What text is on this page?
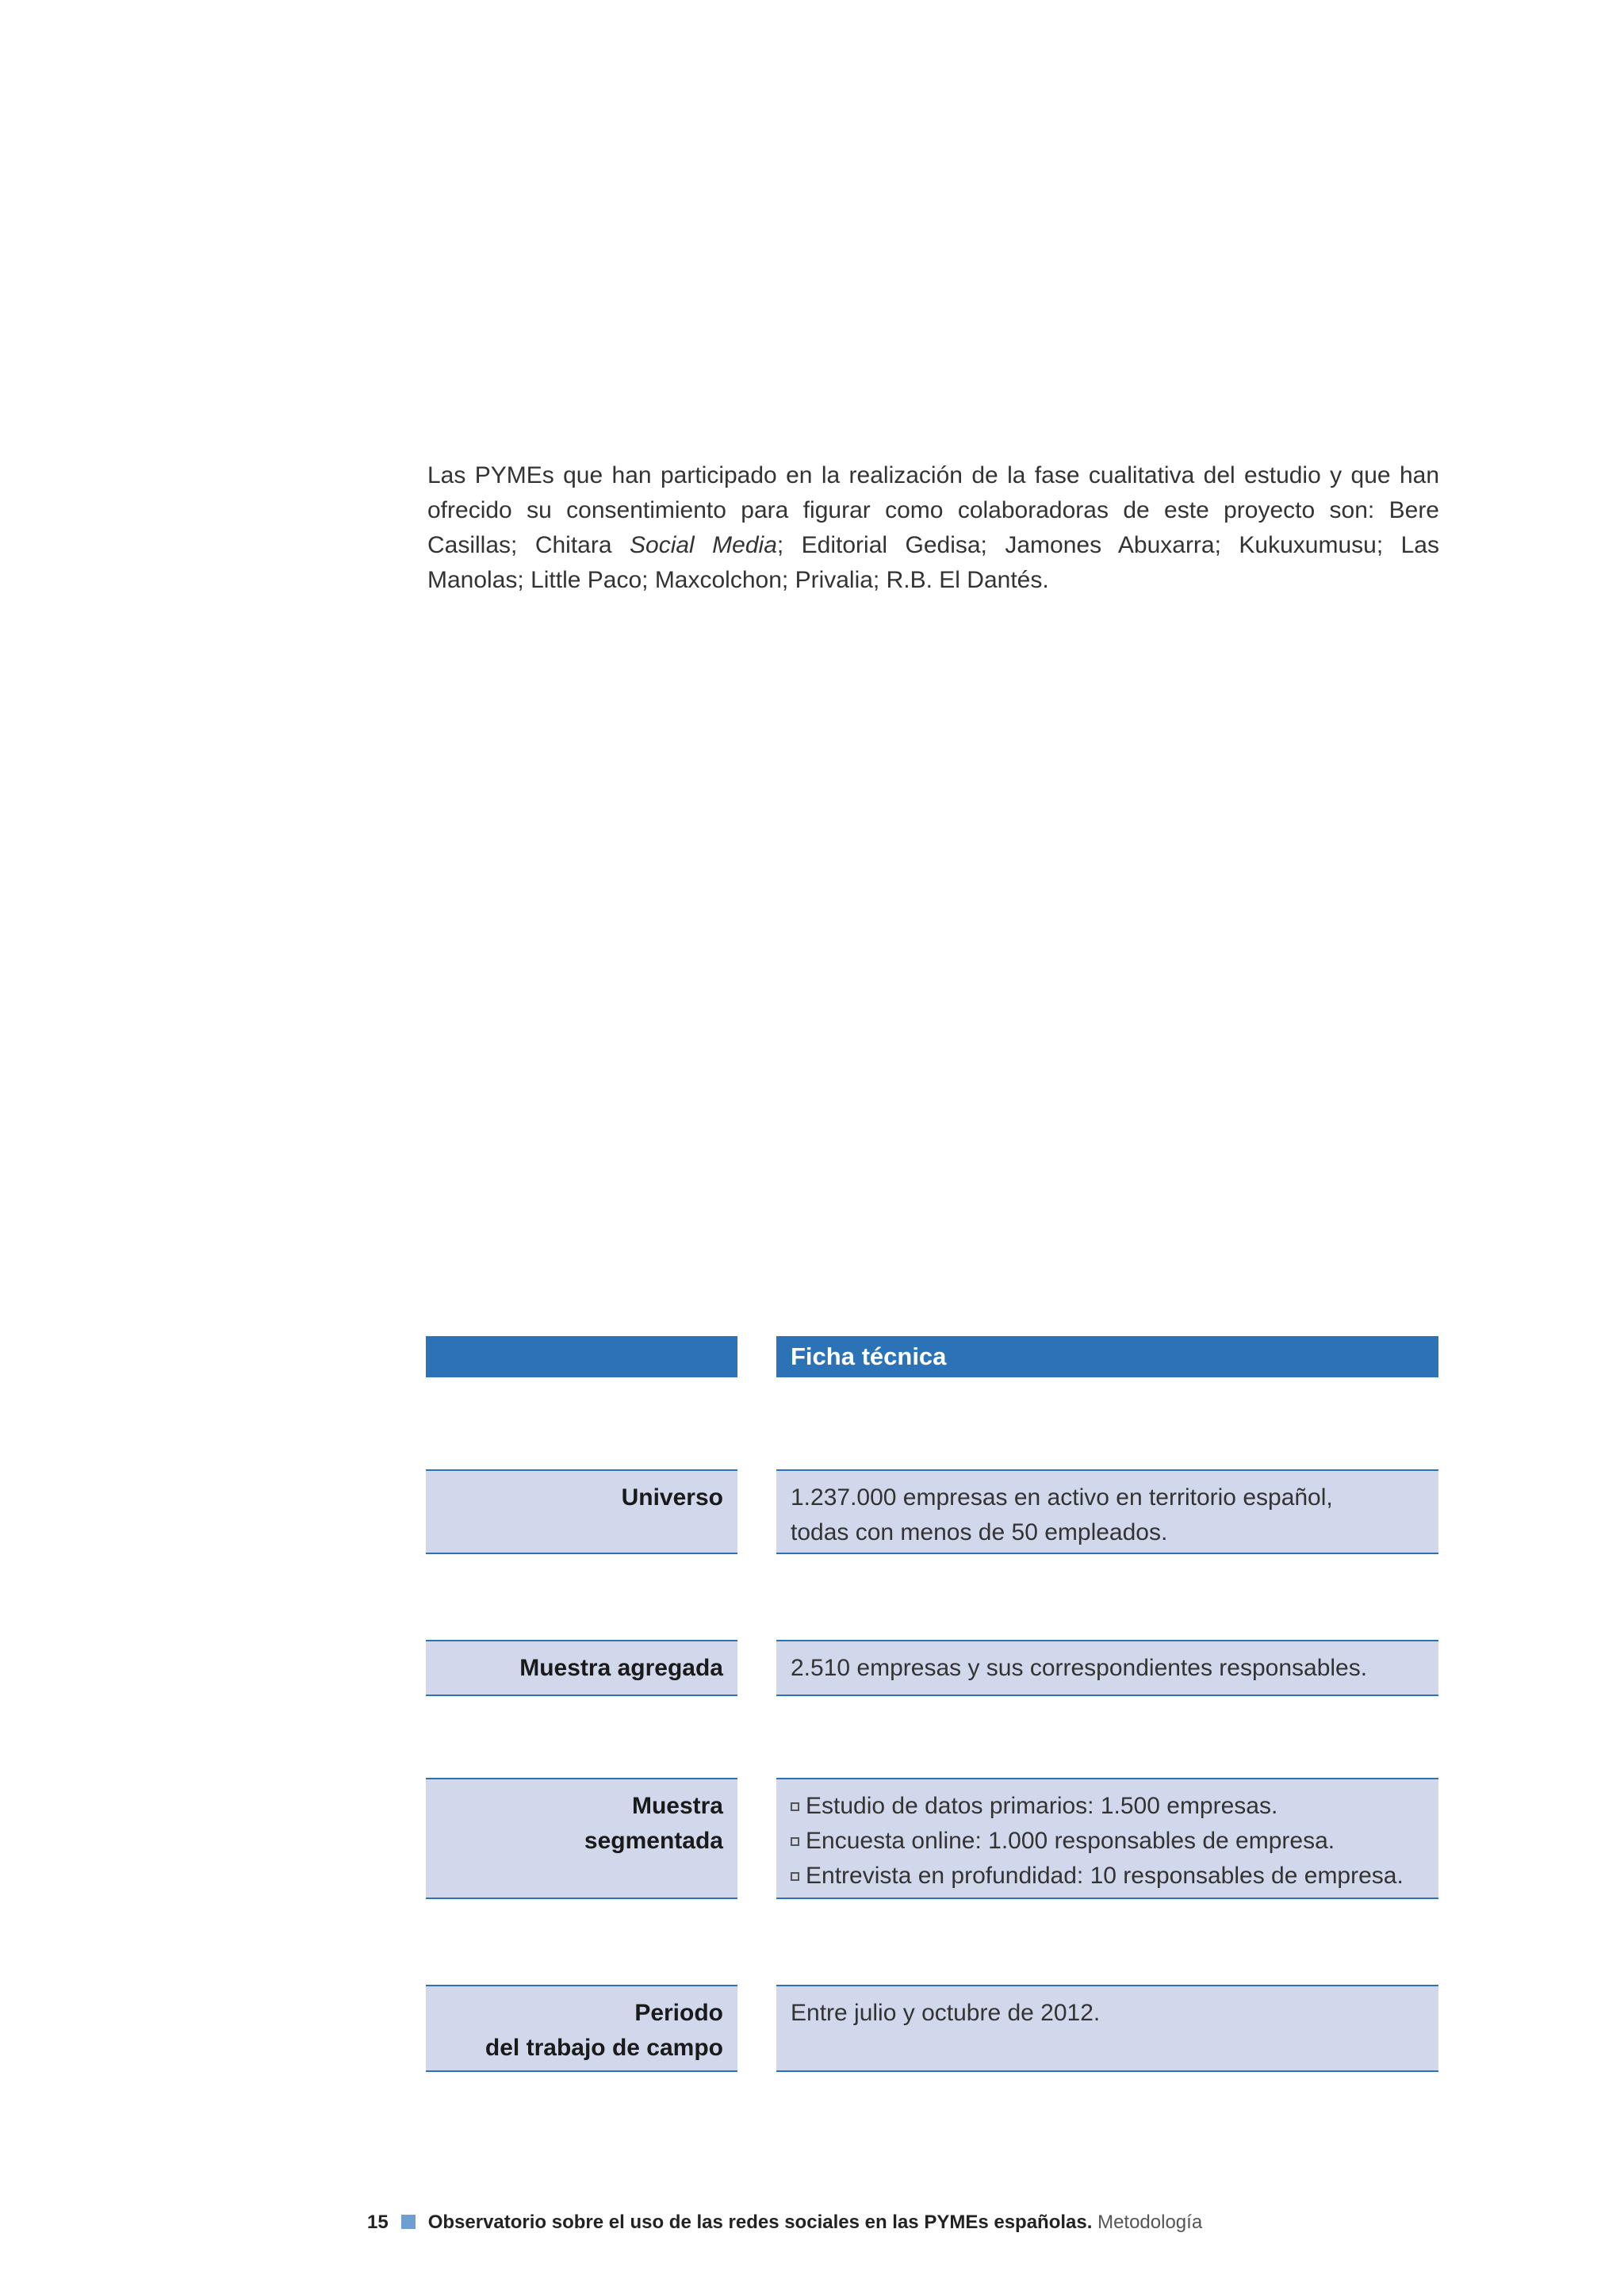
Las PYMEs que han participado en la realización de la fase cualitativa del estudio y que han ofrecido su consentimiento para figurar como colaboradoras de este proyecto son: Bere Casillas; Chitara Social Media; Editorial Gedisa; Jamones Abuxarra; Kukuxumusu; Las Manolas; Little Paco; Maxcolchon; Privalia; R.B. El Dantés.

Ficha técnica
Universo	1.237.000 empresas en activo en territorio español,
todas con menos de 50 empleados.
Muestra agregada	2.510 empresas y sus correspondientes responsables.
Muestra
segmentada
Estudio de datos primarios: 1.500 empresas.
Encuesta online: 1.000 responsables de empresa.
Entrevista en profundidad: 10 responsables de empresa.
Periodo
del trabajo de campo
Entre julio y octubre de 2012.
15 Observatorio sobre el uso de las redes sociales en las PYMEs españolas. Metodología
